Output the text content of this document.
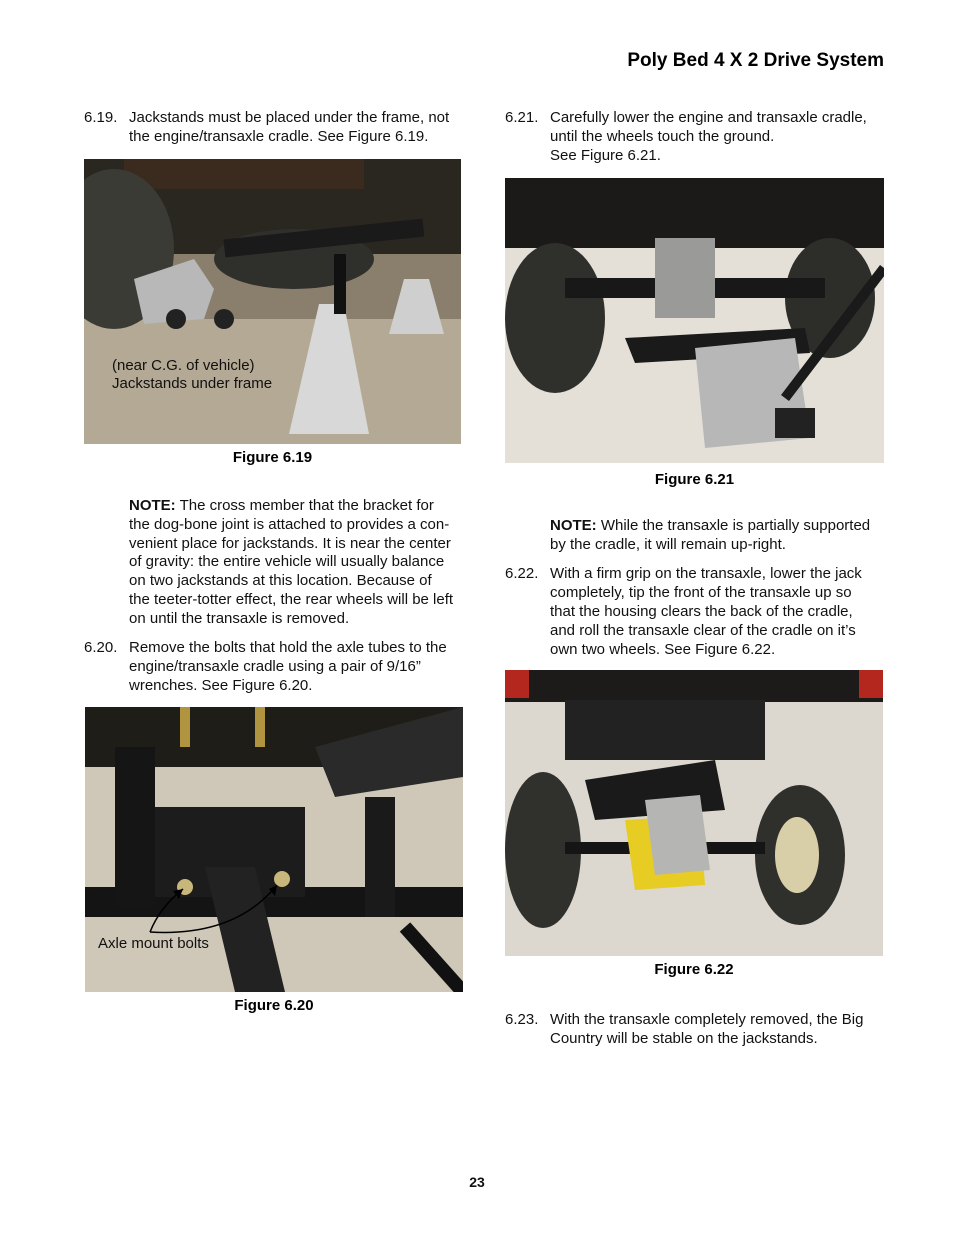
Poly Bed 4 X 2 Drive System
6.19. Jackstands must be placed under the frame, not
the engine/transaxle cradle. See Figure 6.19.
(near C.G. of vehicle)
Jackstands under frame
Figure 6.19
NOTE: The cross member that the bracket for
the dog-bone joint is attached to provides a con-
venient place for jackstands. It is near the center
of gravity: the entire vehicle will usually balance
on two jackstands at this location. Because of
the teeter-totter effect, the rear wheels will be left
on until the transaxle is removed.
6.20. Remove the bolts that hold the axle tubes to the
engine/transaxle cradle using a pair of 9/16”
wrenches. See Figure 6.20.
Axle mount bolts
Figure 6.20
6.21. Carefully lower the engine and transaxle cradle,
until the wheels touch the ground.
See Figure 6.21.
Figure 6.21
NOTE: While the transaxle is partially supported
by the cradle, it will remain up-right.
6.22. With a firm grip on the transaxle, lower the jack
completely, tip the front of the transaxle up so
that the housing clears the back of the cradle,
and roll the transaxle clear of the cradle on it’s
own two wheels. See Figure 6.22.
Figure 6.22
6.23. With the transaxle completely removed, the Big
Country will be stable on the jackstands.
23
